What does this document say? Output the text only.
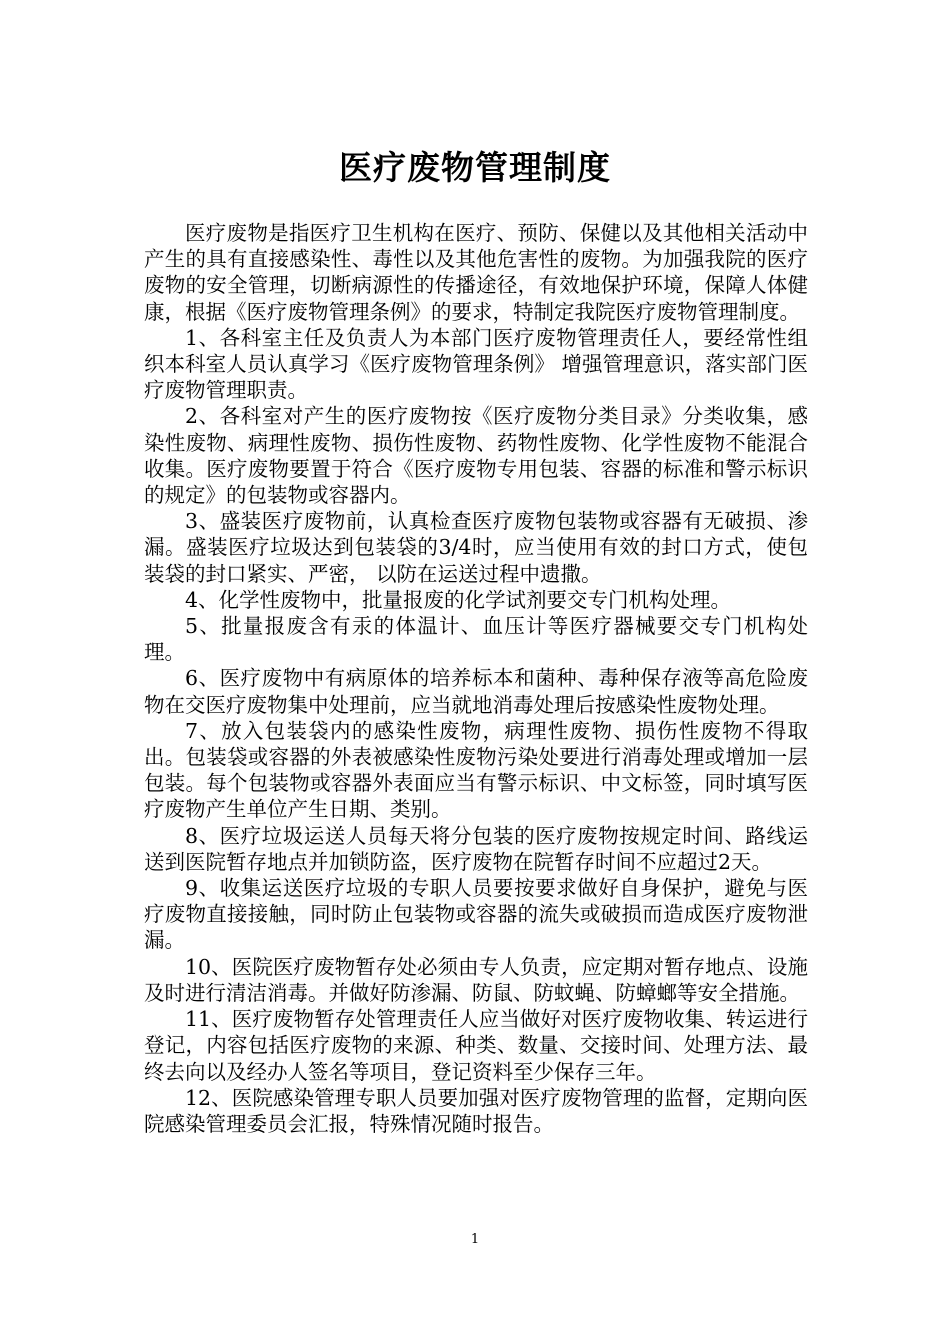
医疗废物管理制度

医疗废物是指医疗卫生机构在医疗、预防、保健以及其他相关活动中产生的具有直接感染性、毒性以及其他危害性的废物。为加强我院的医疗废物的安全管理，切断病源性的传播途径，有效地保护环境，保障人体健康，根据《医疗废物管理条例》的要求，特制定我院医疗废物管理制度。

1、各科室主任及负责人为本部门医疗废物管理责任人，要经常性组织本科室人员认真学习《医疗废物管理条例》 增强管理意识，落实部门医疗废物管理职责。

2、各科室对产生的医疗废物按《医疗废物分类目录》分类收集，感染性废物、病理性废物、损伤性废物、药物性废物、化学性废物不能混合收集。医疗废物要置于符合《医疗废物专用包装、容器的标准和警示标识的规定》的包装物或容器内。

3、盛装医疗废物前，认真检查医疗废物包装物或容器有无破损、渗漏。盛装医疗垃圾达到包装袋的3/4时，应当使用有效的封口方式，使包装袋的封口紧实、严密， 以防在运送过程中遗撒。

4、化学性废物中，批量报废的化学试剂要交专门机构处理。

5、批量报废含有汞的体温计、血压计等医疗器械要交专门机构处理。

6、医疗废物中有病原体的培养标本和菌种、毒种保存液等高危险废物在交医疗废物集中处理前，应当就地消毒处理后按感染性废物处理。

7、放入包装袋内的感染性废物，病理性废物、损伤性废物不得取出。包装袋或容器的外表被感染性废物污染处要进行消毒处理或增加一层包装。每个包装物或容器外表面应当有警示标识、中文标签，同时填写医疗废物产生单位产生日期、类别。

8、医疗垃圾运送人员每天将分包装的医疗废物按规定时间、路线运送到医院暂存地点并加锁防盗，医疗废物在院暂存时间不应超过2天。

9、收集运送医疗垃圾的专职人员要按要求做好自身保护，避免与医疗废物直接接触，同时防止包装物或容器的流失或破损而造成医疗废物泄漏。

10、医院医疗废物暂存处必须由专人负责，应定期对暂存地点、设施及时进行清洁消毒。并做好防渗漏、防鼠、防蚊蝇、防蟑螂等安全措施。

11、医疗废物暂存处管理责任人应当做好对医疗废物收集、转运进行登记，内容包括医疗废物的来源、种类、数量、交接时间、处理方法、最终去向以及经办人签名等项目，登记资料至少保存三年。

12、医院感染管理专职人员要加强对医疗废物管理的监督，定期向医院感染管理委员会汇报，特殊情况随时报告。

1
